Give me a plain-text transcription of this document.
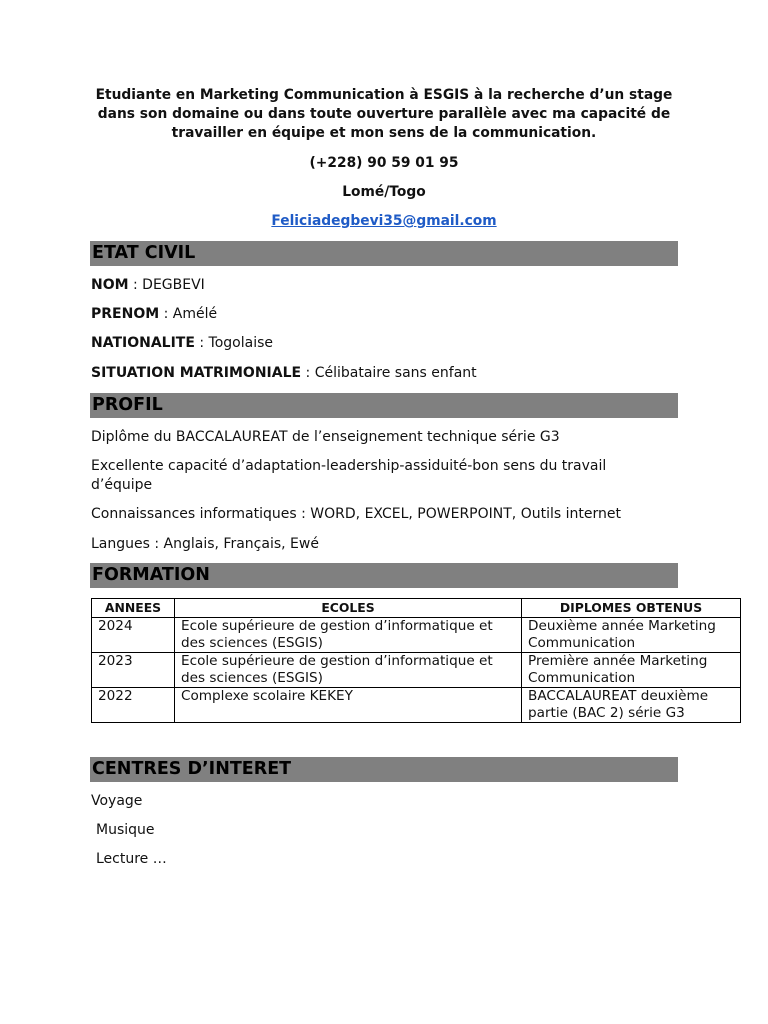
Etudiante en Marketing Communication à ESGIS à la recherche d’un stage dans son domaine ou dans toute ouverture parallèle avec ma capacité de travailler en équipe et mon sens de la communication.
(+228) 90 59 01 95
Lomé/Togo
Feliciadegbevi35@gmail.com
ETAT CIVIL
NOM : DEGBEVI
PRENOM : Amélé
NATIONALITE : Togolaise
SITUATION MATRIMONIALE : Célibataire sans enfant
PROFIL
Diplôme du BACCALAUREAT de l’enseignement technique série G3
Excellente capacité d’adaptation-leadership-assiduité-bon sens du travail d’équipe
Connaissances informatiques : WORD, EXCEL, POWERPOINT, Outils internet
Langues : Anglais, Français, Ewé
FORMATION
ANNEES	ECOLES	DIPLOMES OBTENUS
2024	Ecole supérieure de gestion d’informatique et des sciences (ESGIS)	Deuxième année Marketing Communication
2023	Ecole supérieure de gestion d’informatique et des sciences (ESGIS)	Première année Marketing Communication
2022	Complexe scolaire KEKEY	BACCALAUREAT deuxième partie (BAC 2) série G3
CENTRES D’INTERET
Voyage
Musique
Lecture …
